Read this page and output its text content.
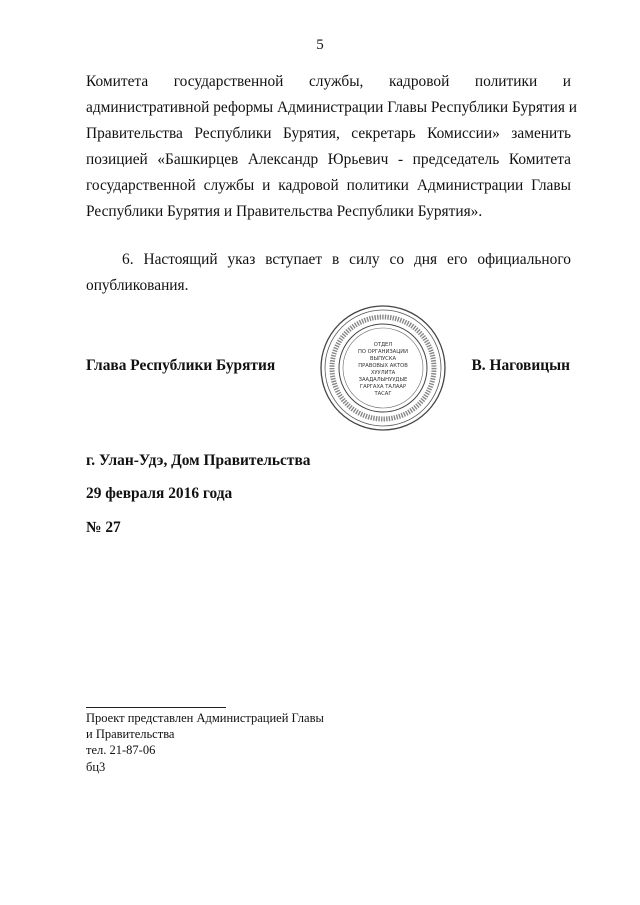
5
Комитета государственной службы, кадровой политики и
административной реформы Администрации Главы Республики Бурятия и
Правительства Республики Бурятия, секретарь Комиссии» заменить
позицией «Башкирцев Александр Юрьевич - председатель Комитета
государственной службы и кадровой политики Администрации Главы
Республики Бурятия и Правительства Республики Бурятия».
6. Настоящий указ вступает в силу со дня его официального
опубликования.
Глава Республики Бурятия
ОТДЕЛ
ПО ОРГАНИЗАЦИИ
ВЫПУСКА
ПРАВОВЫХ АКТОВ
ХУУЛИТА
ЗААДАЛЫНУУДЫЕ
ГАРГАХА ТАЛААР
ТАСАГ
В. Наговицын
г. Улан-Удэ, Дом Правительства
29 февраля 2016 года
№ 27
Проект представлен Администрацией Главы
и Правительства
тел. 21-87-06
бц3
